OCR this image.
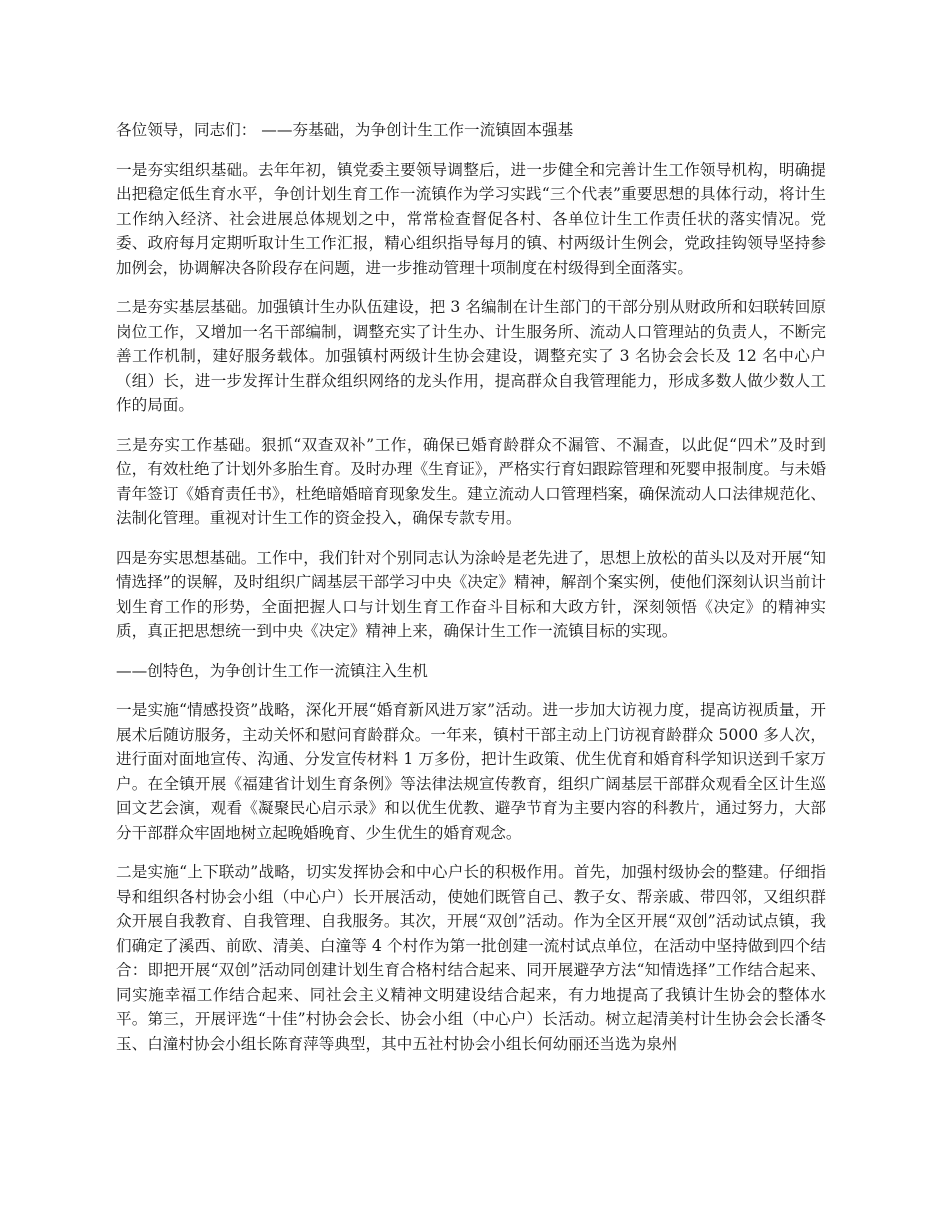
各位领导，同志们： ——夯基础，为争创计生工作一流镇固本强基

一是夯实组织基础。去年年初，镇党委主要领导调整后，进一步健全和完善计生工作领导机构，明确提出把稳定低生育水平，争创计划生育工作一流镇作为学习实践“三个代表”重要思想的具体行动，将计生工作纳入经济、社会进展总体规划之中，常常检查督促各村、各单位计生工作责任状的落实情况。党委、政府每月定期听取计生工作汇报，精心组织指导每月的镇、村两级计生例会，党政挂钩领导坚持参加例会，协调解决各阶段存在问题，进一步推动管理十项制度在村级得到全面落实。

二是夯实基层基础。加强镇计生办队伍建设，把 3 名编制在计生部门的干部分别从财政所和妇联转回原岗位工作，又增加一名干部编制，调整充实了计生办、计生服务所、流动人口管理站的负责人，不断完善工作机制，建好服务载体。加强镇村两级计生协会建设，调整充实了 3 名协会会长及 12 名中心户（组）长，进一步发挥计生群众组织网络的龙头作用，提高群众自我管理能力，形成多数人做少数人工作的局面。

三是夯实工作基础。狠抓“双查双补”工作，确保已婚育龄群众不漏管、不漏查，以此促“四术”及时到位，有效杜绝了计划外多胎生育。及时办理《生育证》，严格实行育妇跟踪管理和死婴申报制度。与未婚青年签订《婚育责任书》，杜绝暗婚暗育现象发生。建立流动人口管理档案，确保流动人口法律规范化、法制化管理。重视对计生工作的资金投入，确保专款专用。

四是夯实思想基础。工作中，我们针对个别同志认为涂岭是老先进了，思想上放松的苗头以及对开展“知情选择”的误解，及时组织广阔基层干部学习中央《决定》精神，解剖个案实例，使他们深刻认识当前计划生育工作的形势，全面把握人口与计划生育工作奋斗目标和大政方针，深刻领悟《决定》的精神实质，真正把思想统一到中央《决定》精神上来，确保计生工作一流镇目标的实现。

——创特色，为争创计生工作一流镇注入生机

一是实施“情感投资”战略，深化开展“婚育新风进万家”活动。进一步加大访视力度，提高访视质量，开展术后随访服务，主动关怀和慰问育龄群众。一年来，镇村干部主动上门访视育龄群众 5000 多人次，进行面对面地宣传、沟通、分发宣传材料 1 万多份，把计生政策、优生优育和婚育科学知识送到千家万户。在全镇开展《福建省计划生育条例》等法律法规宣传教育，组织广阔基层干部群众观看全区计生巡回文艺会演，观看《凝聚民心启示录》和以优生优教、避孕节育为主要内容的科教片，通过努力，大部分干部群众牢固地树立起晚婚晚育、少生优生的婚育观念。

二是实施“上下联动”战略，切实发挥协会和中心户长的积极作用。首先，加强村级协会的整建。仔细指导和组织各村协会小组（中心户）长开展活动，使她们既管自己、教子女、帮亲戚、带四邻，又组织群众开展自我教育、自我管理、自我服务。其次，开展“双创”活动。作为全区开展“双创”活动试点镇，我们确定了溪西、前欧、清美、白潼等 4 个村作为第一批创建一流村试点单位，在活动中坚持做到四个结合：即把开展“双创”活动同创建计划生育合格村结合起来、同开展避孕方法“知情选择”工作结合起来、同实施幸福工作结合起来、同社会主义精神文明建设结合起来，有力地提高了我镇计生协会的整体水平。第三，开展评选“十佳”村协会会长、协会小组（中心户）长活动。树立起清美村计生协会会长潘冬玉、白潼村协会小组长陈育萍等典型，其中五社村协会小组长何幼丽还当选为泉州
